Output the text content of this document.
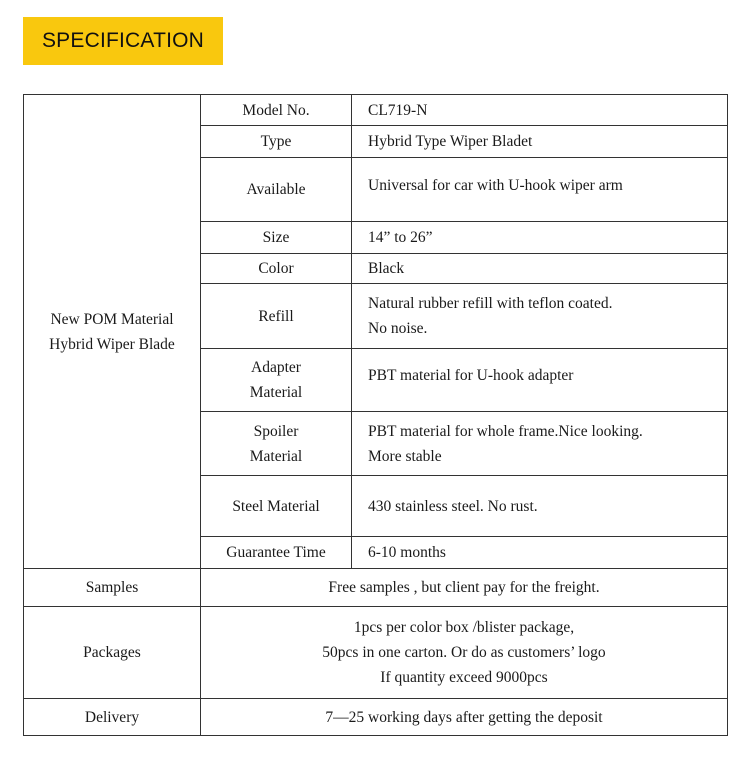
SPECIFICATION
New POM Material
Hybrid Wiper Blade	Model No.	CL719-N

	Type	Hybrid Type Wiper Bladet

	Available	Universal for car with U-hook wiper arm

	Size	14” to 26”

	Color	Black

	Refill	Natural rubber refill with teflon coated.
No noise.

	Adapter
Material	PBT material for U-hook adapter

	Spoiler
Material	PBT material for whole frame.Nice looking.
More stable

	Steel Material	430 stainless steel. No rust.

	Guarantee Time	6-10 months

Samples	Free samples , but client pay for the freight.	

Packages	1pcs per color box /blister package,
50pcs in one carton. Or do as customers’ logo
If quantity exceed 9000pcs	

Delivery	7—25 working days after getting the deposit	
